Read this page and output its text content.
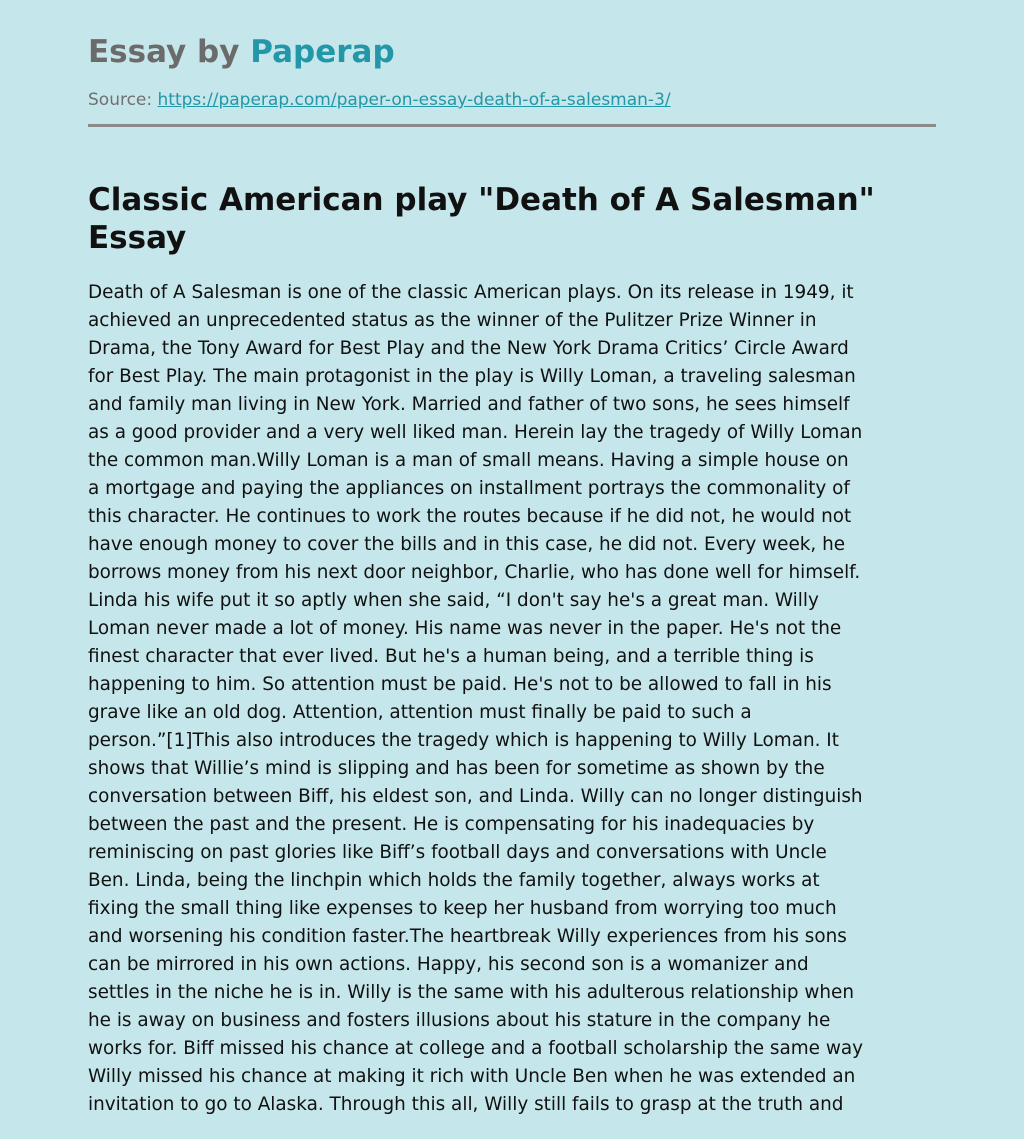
Essay by Paperap
Source: https://paperap.com/paper-on-essay-death-of-a-salesman-3/
Classic American play "Death of A Salesman" Essay

Death of A Salesman is one of the classic American plays. On its release in 1949, it
achieved an unprecedented status as the winner of the Pulitzer Prize Winner in
Drama, the Tony Award for Best Play and the New York Drama Critics’ Circle Award
for Best Play. The main protagonist in the play is Willy Loman, a traveling salesman
and family man living in New York. Married and father of two sons, he sees himself
as a good provider and a very well liked man. Herein lay the tragedy of Willy Loman
the common man.Willy Loman is a man of small means. Having a simple house on
a mortgage and paying the appliances on installment portrays the commonality of
this character. He continues to work the routes because if he did not, he would not
have enough money to cover the bills and in this case, he did not. Every week, he
borrows money from his next door neighbor, Charlie, who has done well for himself.
Linda his wife put it so aptly when she said, “I don't say he's a great man. Willy
Loman never made a lot of money. His name was never in the paper. He's not the
finest character that ever lived. But he's a human being, and a terrible thing is
happening to him. So attention must be paid. He's not to be allowed to fall in his
grave like an old dog. Attention, attention must finally be paid to such a
person.”[1]This also introduces the tragedy which is happening to Willy Loman. It
shows that Willie’s mind is slipping and has been for sometime as shown by the
conversation between Biff, his eldest son, and Linda. Willy can no longer distinguish
between the past and the present. He is compensating for his inadequacies by
reminiscing on past glories like Biff’s football days and conversations with Uncle
Ben. Linda, being the linchpin which holds the family together, always works at
fixing the small thing like expenses to keep her husband from worrying too much
and worsening his condition faster.The heartbreak Willy experiences from his sons
can be mirrored in his own actions. Happy, his second son is a womanizer and
settles in the niche he is in. Willy is the same with his adulterous relationship when
he is away on business and fosters illusions about his stature in the company he
works for. Biff missed his chance at college and a football scholarship the same way
Willy missed his chance at making it rich with Uncle Ben when he was extended an
invitation to go to Alaska. Through this all, Willy still fails to grasp at the truth and
